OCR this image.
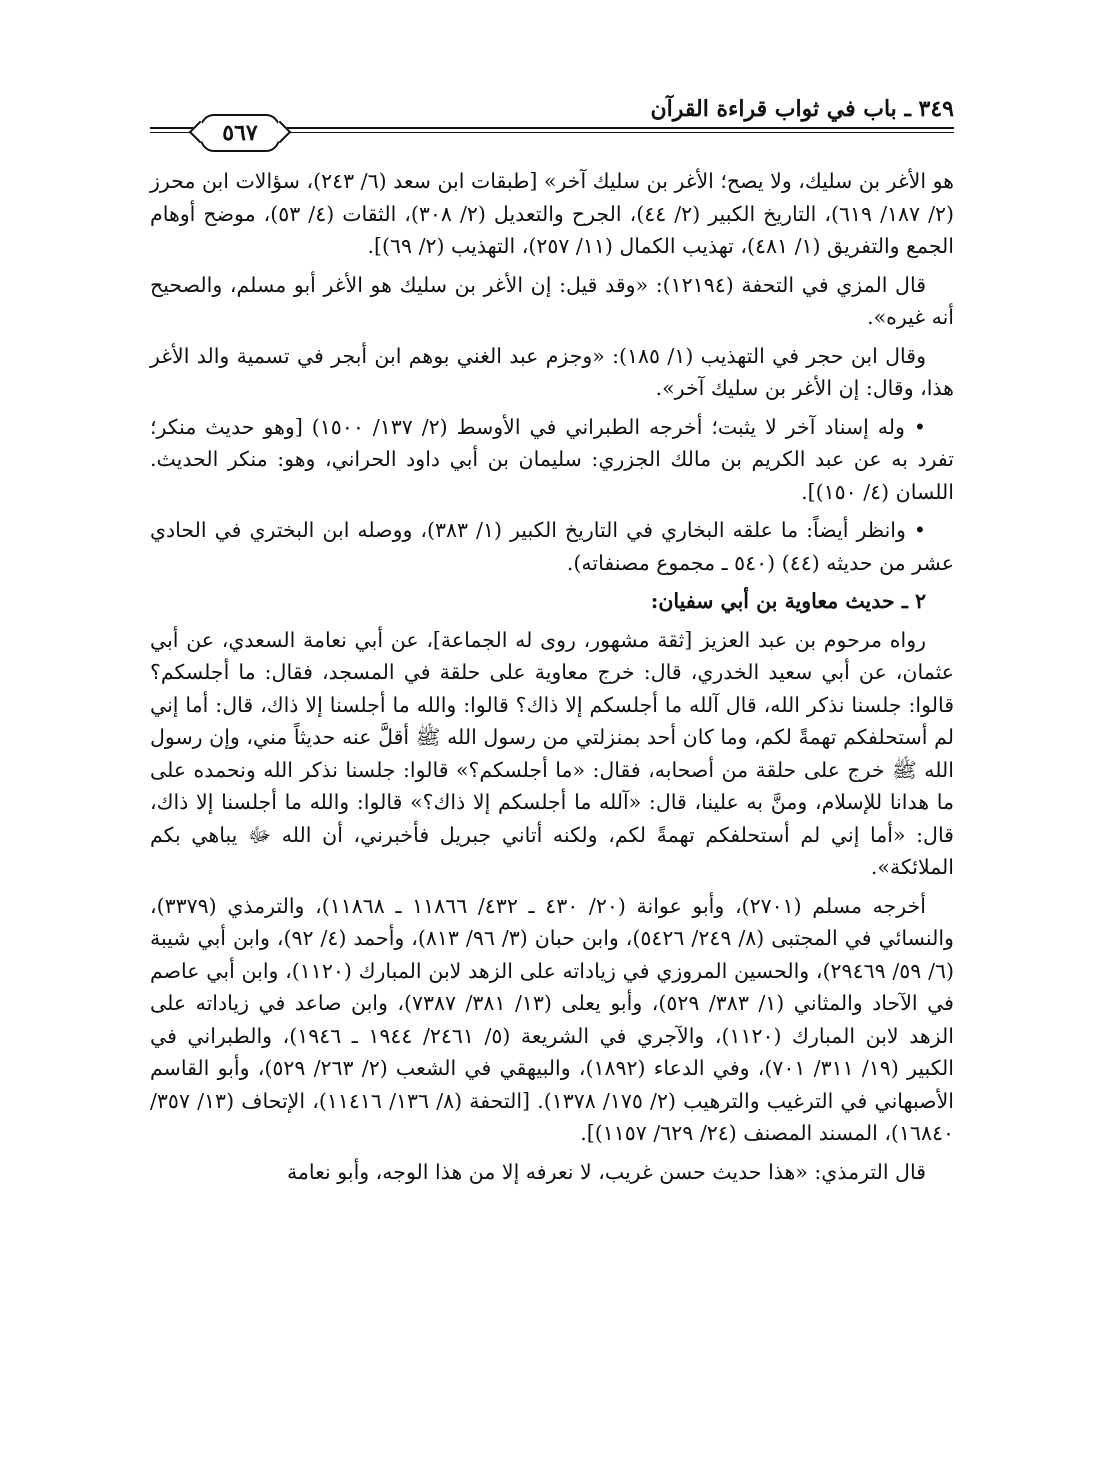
٣٤٩ ـ باب في ثواب قراءة القرآن
٥٦٧

هو الأغر بن سليك، ولا يصح؛ الأغر بن سليك آخر» [طبقات ابن سعد (٦/ ٢٤٣)، سؤالات ابن محرز (٢/ ١٨٧/ ٦١٩)، التاريخ الكبير (٢/ ٤٤)، الجرح والتعديل (٢/ ٣٠٨)، الثقات (٤/ ٥٣)، موضح أوهام الجمع والتفريق (١/ ٤٨١)، تهذيب الكمال (١١/ ٢٥٧)، التهذيب (٢/ ٦٩)].

قال المزي في التحفة (١٢١٩٤): «وقد قيل: إن الأغر بن سليك هو الأغر أبو مسلم، والصحيح أنه غيره».

وقال ابن حجر في التهذيب (١/ ١٨٥): «وجزم عبد الغني بوهم ابن أبجر في تسمية والد الأغر هذا، وقال: إن الأغر بن سليك آخر».

• وله إسناد آخر لا يثبت؛ أخرجه الطبراني في الأوسط (٢/ ١٣٧/ ١٥٠٠) [وهو حديث منكر؛ تفرد به عن عبد الكريم بن مالك الجزري: سليمان بن أبي داود الحراني، وهو: منكر الحديث. اللسان (٤/ ١٥٠)].

• وانظر أيضاً: ما علقه البخاري في التاريخ الكبير (١/ ٣٨٣)، ووصله ابن البختري في الحادي عشر من حديثه (٤٤) (٥٤٠ ـ مجموع مصنفاته).

٢ ـ حديث معاوية بن أبي سفيان:

رواه مرحوم بن عبد العزيز [ثقة مشهور، روى له الجماعة]، عن أبي نعامة السعدي، عن أبي عثمان، عن أبي سعيد الخدري، قال: خرج معاوية على حلقة في المسجد، فقال: ما أجلسكم؟ قالوا: جلسنا نذكر الله، قال آلله ما أجلسكم إلا ذاك؟ قالوا: والله ما أجلسنا إلا ذاك، قال: أما إني لم أستحلفكم تهمةً لكم، وما كان أحد بمنزلتي من رسول الله ﷺ أقلَّ عنه حديثاً مني، وإن رسول الله ﷺ خرج على حلقة من أصحابه، فقال: «ما أجلسكم؟» قالوا: جلسنا نذكر الله ونحمده على ما هدانا للإسلام، ومنَّ به علينا، قال: «آلله ما أجلسكم إلا ذاك؟» قالوا: والله ما أجلسنا إلا ذاك، قال: «أما إني لم أستحلفكم تهمةً لكم، ولكنه أتاني جبريل فأخبرني، أن الله ﷻ يباهي بكم الملائكة».

أخرجه مسلم (٢٧٠١)، وأبو عوانة (٢٠/ ٤٣٠ ـ ٤٣٢/ ١١٨٦٦ ـ ١١٨٦٨)، والترمذي (٣٣٧٩)، والنسائي في المجتبى (٨/ ٢٤٩/ ٥٤٢٦)، وابن حبان (٣/ ٩٦/ ٨١٣)، وأحمد (٤/ ٩٢)، وابن أبي شيبة (٦/ ٥٩/ ٢٩٤٦٩)، والحسين المروزي في زياداته على الزهد لابن المبارك (١١٢٠)، وابن أبي عاصم في الآحاد والمثاني (١/ ٣٨٣/ ٥٢٩)، وأبو يعلى (١٣/ ٣٨١/ ٧٣٨٧)، وابن صاعد في زياداته على الزهد لابن المبارك (١١٢٠)، والآجري في الشريعة (٥/ ٢٤٦١/ ١٩٤٤ ـ ١٩٤٦)، والطبراني في الكبير (١٩/ ٣١١/ ٧٠١)، وفي الدعاء (١٨٩٢)، والبيهقي في الشعب (٢/ ٢٦٣/ ٥٢٩)، وأبو القاسم الأصبهاني في الترغيب والترهيب (٢/ ١٧٥/ ١٣٧٨). [التحفة (٨/ ١٣٦/ ١١٤١٦)، الإتحاف (١٣/ ٣٥٧/ ١٦٨٤٠)، المسند المصنف (٢٤/ ٦٢٩/ ١١٥٧)].

قال الترمذي: «هذا حديث حسن غريب، لا نعرفه إلا من هذا الوجه، وأبو نعامة
